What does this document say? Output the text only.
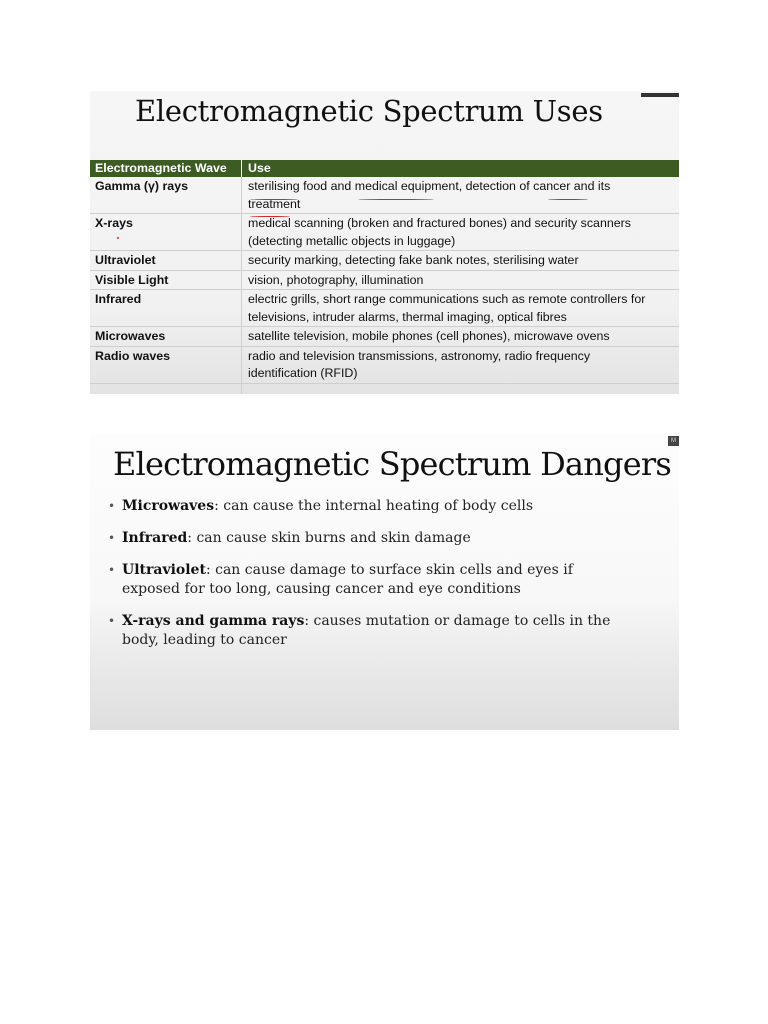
Electromagnetic Spectrum Uses
Electromagnetic Wave	Use
Gamma (γ) rays	sterilising food and medical equipment, detection of cancer and its
treatment
X-rays	medical scanning (broken and fractured bones) and security scanners
(detecting metallic objects in luggage)
Ultraviolet	security marking, detecting fake bank notes, sterilising water
Visible Light	vision, photography, illumination
Infrared	electric grills, short range communications such as remote controllers for
televisions, intruder alarms, thermal imaging, optical fibres
Microwaves	satellite television, mobile phones (cell phones), microwave ovens
Radio waves	radio and television transmissions, astronomy, radio frequency
identification (RFID)
M
Electromagnetic Spectrum Dangers
• Microwaves: can cause the internal heating of body cells
• Infrared: can cause skin burns and skin damage
• Ultraviolet: can cause damage to surface skin cells and eyes if
exposed for too long, causing cancer and eye conditions
• X-rays and gamma rays: causes mutation or damage to cells in the
body, leading to cancer
